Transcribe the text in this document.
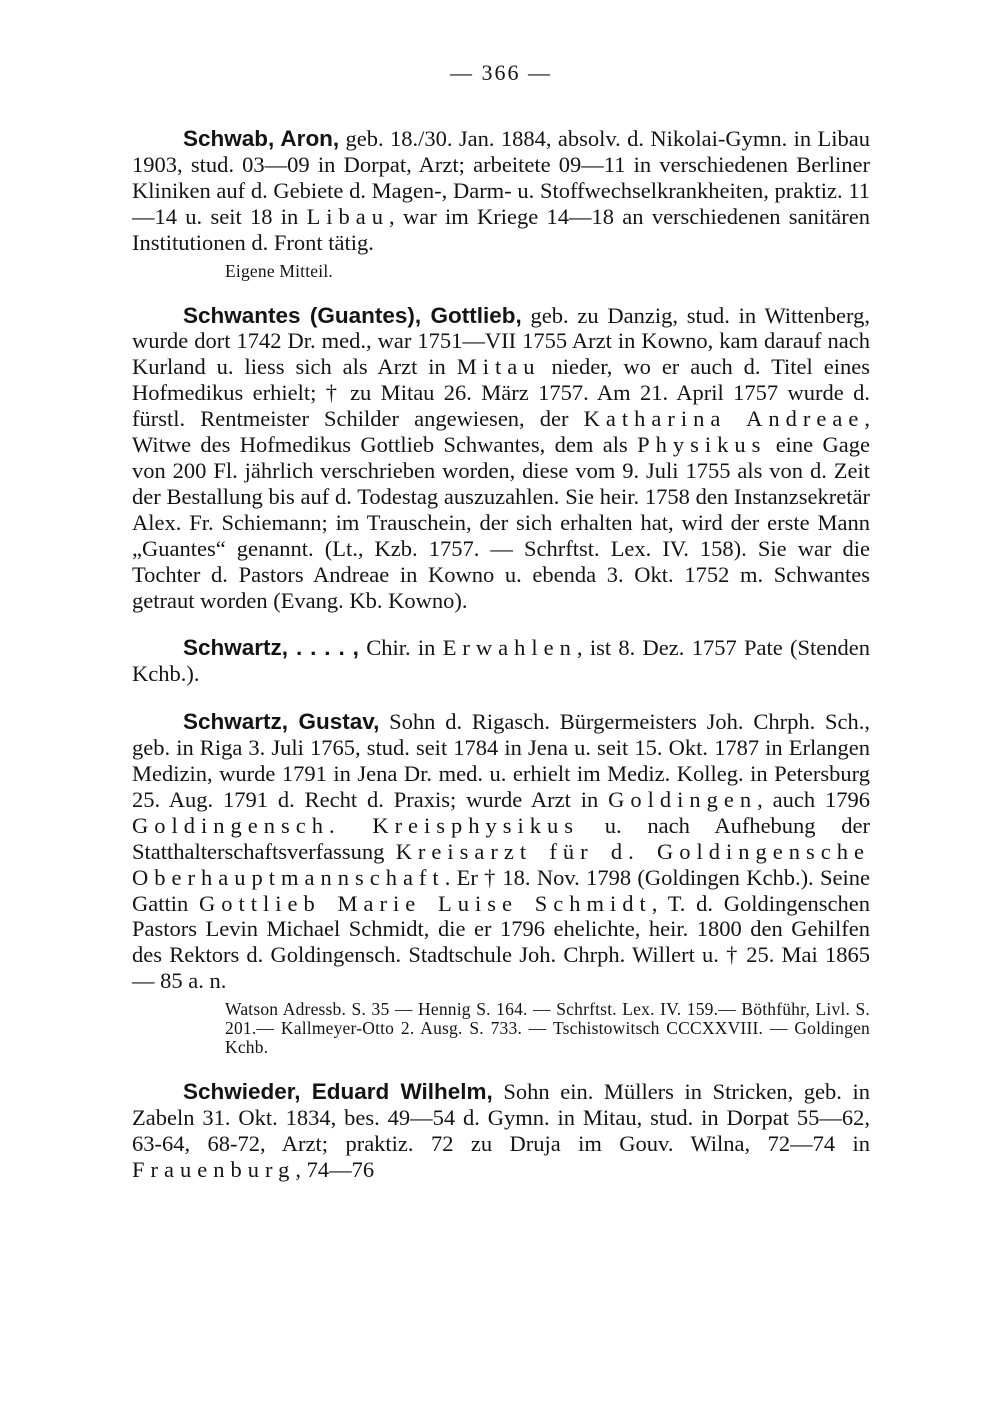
— 366 —

Schwab, Aron, geb. 18./30. Jan. 1884, absolv. d. Nikolai-Gymn. in Libau 1903, stud. 03—09 in Dorpat, Arzt; arbeitete 09—11 in verschiedenen Berliner Kliniken auf d. Gebiete d. Magen-, Darm- u. Stoffwechselkrankheiten, praktiz. 11—14 u. seit 18 in Libau, war im Kriege 14—18 an verschiedenen sanitären Institutionen d. Front tätig.

Eigene Mitteil.

Schwantes (Guantes), Gottlieb, geb. zu Danzig, stud. in Wittenberg, wurde dort 1742 Dr. med., war 1751—VII 1755 Arzt in Kowno, kam darauf nach Kurland u. liess sich als Arzt in Mitau nieder, wo er auch d. Titel eines Hofmedikus erhielt; † zu Mitau 26. März 1757. Am 21. April 1757 wurde d. fürstl. Rentmeister Schilder angewiesen, der Katharina Andreae, Witwe des Hofmedikus Gottlieb Schwantes, dem als Physikus eine Gage von 200 Fl. jährlich verschrieben worden, diese vom 9. Juli 1755 als von d. Zeit der Bestallung bis auf d. Todestag auszuzahlen. Sie heir. 1758 den Instanzsekretär Alex. Fr. Schiemann; im Trauschein, der sich erhalten hat, wird der erste Mann „Guantes“ genannt. (Lt., Kzb. 1757. — Schrftst. Lex. IV. 158). Sie war die Tochter d. Pastors Andreae in Kowno u. ebenda 3. Okt. 1752 m. Schwantes getraut worden (Evang. Kb. Kowno).

Schwartz, . . . . , Chir. in Erwahlen, ist 8. Dez. 1757 Pate (Stenden Kchb.).

Schwartz, Gustav, Sohn d. Rigasch. Bürgermeisters Joh. Chrph. Sch., geb. in Riga 3. Juli 1765, stud. seit 1784 in Jena u. seit 15. Okt. 1787 in Erlangen Medizin, wurde 1791 in Jena Dr. med. u. erhielt im Mediz. Kolleg. in Petersburg 25. Aug. 1791 d. Recht d. Praxis; wurde Arzt in Goldingen, auch 1796 Goldingensch. Kreisphysikus u. nach Aufhebung der Statthalterschaftsverfassung Kreisarzt für d. Goldingensche Oberhauptmannschaft. Er † 18. Nov. 1798 (Goldingen Kchb.). Seine Gattin Gottlieb Marie Luise Schmidt, T. d. Goldingenschen Pastors Levin Michael Schmidt, die er 1796 ehelichte, heir. 1800 den Gehilfen des Rektors d. Goldingensch. Stadtschule Joh. Chrph. Willert u. † 25. Mai 1865 — 85 a. n.

Watson Adressb. S. 35 — Hennig S. 164. — Schrftst. Lex. IV. 159.— Böthführ, Livl. S. 201.— Kallmeyer-Otto 2. Ausg. S. 733. — Tschistowitsch CCCXXVIII. — Goldingen Kchb.

Schwieder, Eduard Wilhelm, Sohn ein. Müllers in Stricken, geb. in Zabeln 31. Okt. 1834, bes. 49—54 d. Gymn. in Mitau, stud. in Dorpat 55—62, 63-64, 68-72, Arzt; praktiz. 72 zu Druja im Gouv. Wilna, 72—74 in Frauenburg, 74—76
